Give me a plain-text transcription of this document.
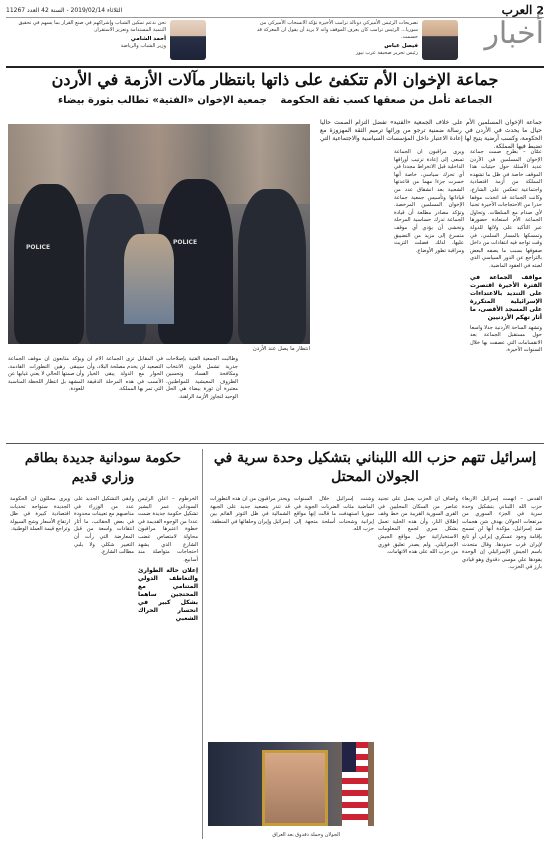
2
العرب
الثلاثاء 2019/02/14 - السنة 42 العدد 11267
أخبار
تصريحات الرئيس الأميركي دونالد ترامب الأخيرة تؤكد الانسحاب الأميركي من سوريا... الرئيس ترامب كان يعرف الموقف وانه لا يريد أن يقول ان المعركة قد حسمت.
فيصل عباس
رئيس تحرير صحيفة عرب نيوز
نحن ندعم تمكين الشباب وإشراكهم في صنع القرار بما يسهم في تحقيق التنمية المستدامة وتعزيز الاستقرار.
أحمد الشامي
وزير الشباب والرياضة
جماعة الإخوان الأم تتكفئ على ذاتها بانتظار مآلات الأزمة في الأردن
الجماعة تأمل من صعقها كسب ثقة الحكومة جمعية الإخوان «الفتية» تطالب بثورة بيضاء
POLICE
POLICE
انتظار ما يصل عند الأردن
جماعة الإخوان المسلمين الأم على خلاف الجمعية «الفتية» تفضل التزام الصمت حاليا حيال ما يحدث في الأردن في رسالة ضمنية ترجو من ورائها ترميم الثقة المهزوزة مع الحكومة، وكسب أرضية يتيح لها إعادة الاعتبار داخل المؤسسات السياسية والاجتماعية التي تضبط فيها المملكة.
عمّان – بطرح صمت جماعة الإخوان المسلمين في الأردن عديد الأسئلة حول حيثيات هذا الموقف خاصة في ظل ما تشهده المملكة من أزمة اقتصادية واجتماعية تنعكس على الشارع، وكانت الجماعة قد اتخذت موقفا حذرا من الاحتجاجات الأخيرة تجنبا لأي صدام مع السلطات. وتحاول الجماعة الأم استعادة حضورها عبر التأكيد على ولائها للدولة وتمسكها بالمسار السلمي، في وقت تواجه فيه انتقادات من داخل صفوفها بسبب ما يصفه البعض بالتراجع عن الدور السياسي الذي لعبته في العقود الماضية.
مواقف الجماعة في الفترة الأخيرة اقتصرت على التنديد بالاعتداءات الإسرائيلية المتكررة على المسجد الأقصى، ما أثار تهكم الأردنيين
وتشهد الساحة الأردنية جدلا واسعا حول مستقبل الجماعة بعد الانقسامات التي عصفت بها خلال السنوات الأخيرة.
ويرى مراقبون أن الجماعة تسعى إلى إعادة ترتيب أوراقها الداخلية قبل الانخراط مجددا في أي تحرك سياسي، خاصة أنها خسرت جزءا مهما من قاعدتها الشعبية بعد انشقاق عدد من قياداتها وتأسيس جمعية جماعة الإخوان المسلمين المرخصة. وتؤكد مصادر مطلعة أن قيادة الجماعة تدرك حساسية المرحلة وتخشى أن يؤدي أي موقف متسرع إلى مزيد من التضييق عليها، لذلك فضلت التريث ومراقبة تطور الأوضاع.
وطالبت الجمعية الفتية بإصلاحات جذرية تشمل قانون الانتخاب ومكافحة الفساد وتحسين الظروف المعيشية للمواطنين، معتبرة أن ثورة بيضاء هي الحل الوحيد لتجاوز الأزمة الراهنة.
في المقابل ترى الجماعة الأم أن التصعيد لن يخدم مصلحة البلاد، وأن الحوار مع الدولة يبقى الخيار الأنسب في هذه المرحلة الدقيقة التي تمر بها المملكة.
ويؤكد متابعون أن موقف الجماعة سيبقى رهين التطورات القادمة، وأن صمتها الحالي لا يعني غيابها عن المشهد بل انتظار اللحظة المناسبة للعودة.
إسرائيل تتهم حزب الله اللبناني بتشكيل وحدة سرية في الجولان المحتل
القدس – اتهمت إسرائيل الأربعاء حزب الله اللبناني بتشكيل وحدة سرية في الجزء السوري من مرتفعات الجولان بهدف شن هجمات ضد إسرائيل، مؤكدة أنها لن تسمح بإقامة وجود عسكري إيراني أو تابع لإيران قرب حدودها. وقال متحدث باسم الجيش الإسرائيلي إن الوحدة يقودها علي موسى دقدوق وهو قيادي بارز في الحزب.
وأضاف أن الحزب يعمل على تجنيد عناصر من السكان المحليين في القرى السورية القريبة من خط وقف إطلاق النار، وأن هذه الخلية تعمل بشكل سري لجمع المعلومات الاستخباراتية حول مواقع الجيش الإسرائيلي. ولم يصدر تعليق فوري من حزب الله على هذه الاتهامات.
وشنت إسرائيل خلال السنوات الماضية مئات الضربات الجوية في سوريا استهدفت ما قالت إنها مواقع إيرانية وشحنات أسلحة متجهة إلى حزب الله.
ويحذر مراقبون من أن هذه التطورات قد تنذر بتصعيد جديد على الجبهة الشمالية في ظل التوتر القائم بين إسرائيل وإيران وحلفائها في المنطقة.
الجولان وحملة دقدوق بعد العراق
حكومة سودانية جديدة بطاقم وزاري قديم
الخرطوم – أعلن الرئيس السوداني عمر البشير تشكيل حكومة جديدة ضمت عددا من الوجوه القديمة في خطوة اعتبرها مراقبون محاولة لامتصاص غضب الشارع الذي يشهد احتجاجات متواصلة منذ أسابيع.
إعلان حالة الطوارئ والتعاطف الدولي المتنامي مع المحتجين ساهما بشكل كبير في انحسار الحراك الشعبي
وأبقى التشكيل الجديد على عدد من الوزراء في مناصبهم مع تعيينات محدودة في بعض الحقائب، ما أثار انتقادات واسعة من قبل المعارضة التي رأت أن التغيير شكلي ولا يلبي مطالب الشارع.
ويرى محللون أن الحكومة الجديدة ستواجه تحديات اقتصادية كبيرة في ظل ارتفاع الأسعار وشح السيولة وتراجع قيمة العملة الوطنية.
